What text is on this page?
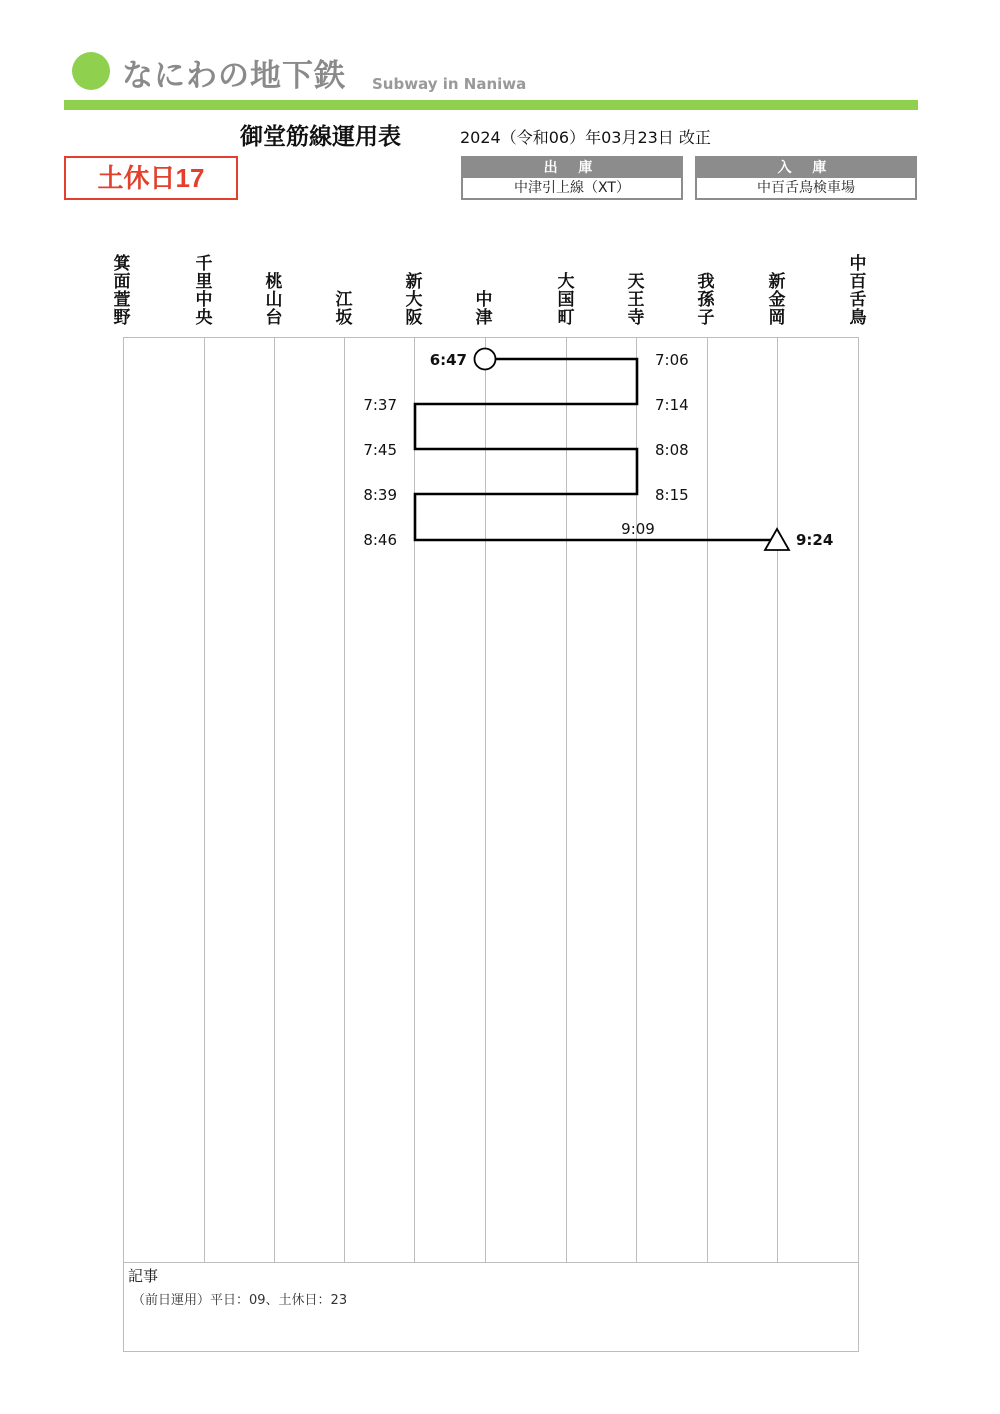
なにわの地下鉄 Subway in Naniwa
御堂筋線運用表	2024（令和06）年03月23日 改正
土休日17	出 庫
中津引上線（XT）
入 庫
中百舌鳥検車場
箕
面
萱
野
千
里
中
央
桃
山
台
江
坂
新
大
阪
中
津
大
国
町
天
王
寺
我
孫
子
新
金
岡
中
百
舌
鳥
6:47	7:06
7:14
7:37
7:45	8:08
8:15
8:39
8:46
9:09
9:24
記事
（前日運用）平日：09、土休日：23
